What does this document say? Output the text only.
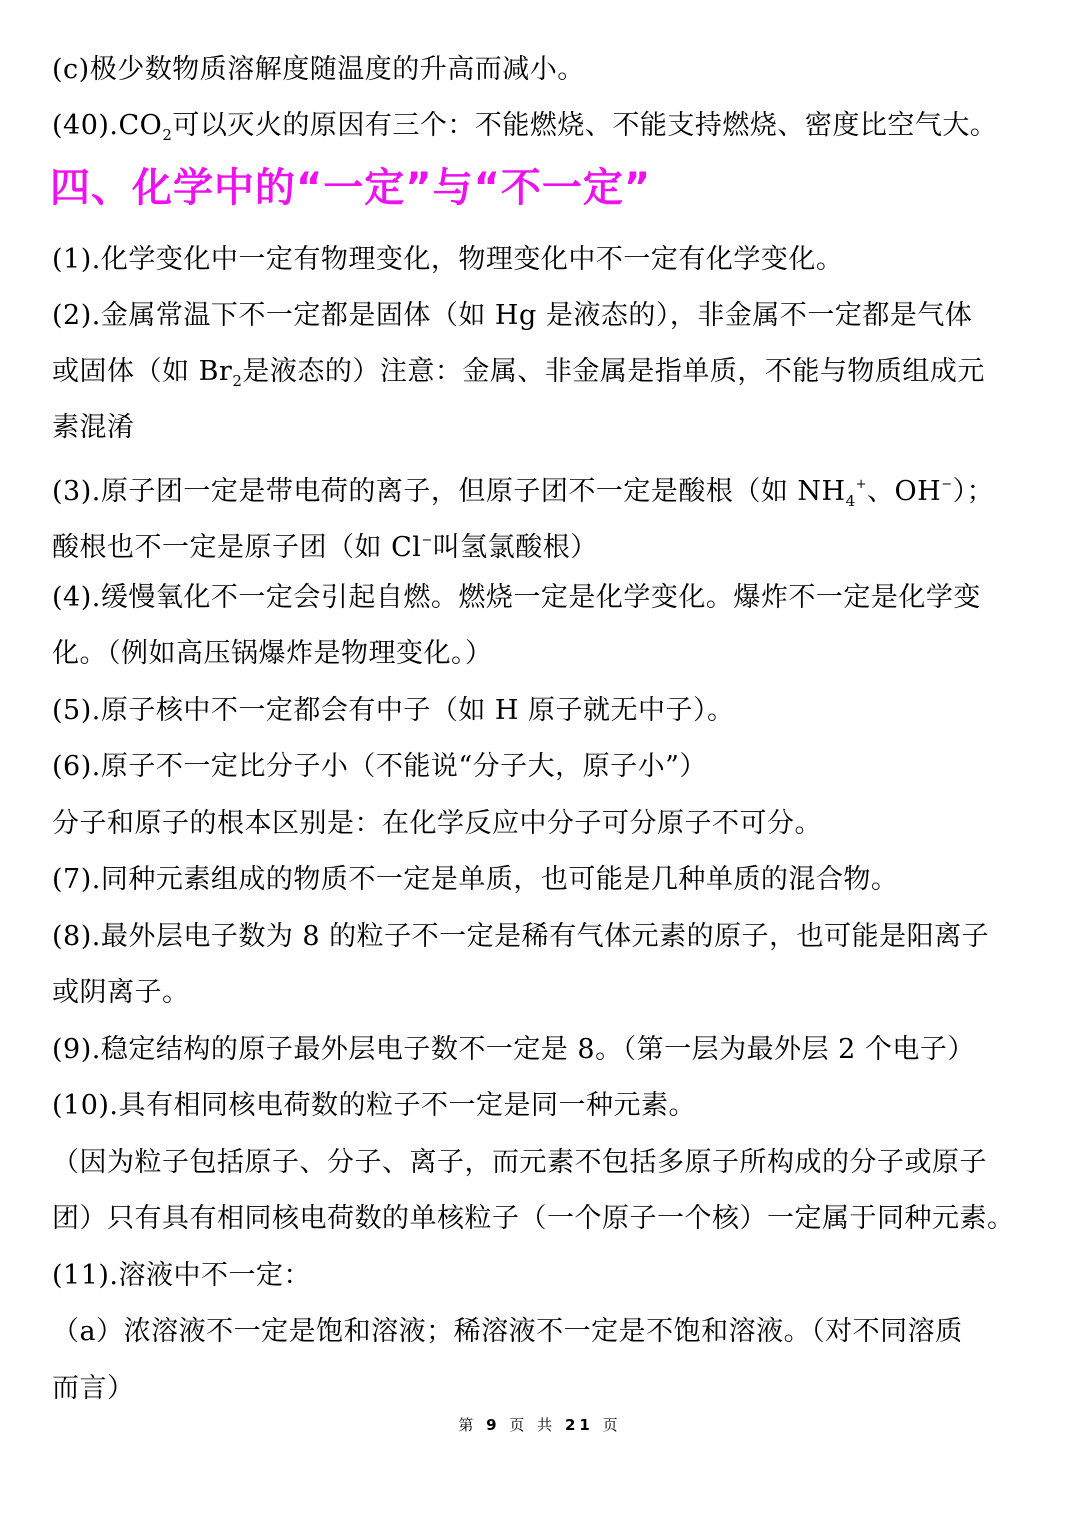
(c)极少数物质溶解度随温度的升高而减小。
$(40).CO_2$可以灭火的原因有三个：不能燃烧、不能支持燃烧、密度比空气大。
四、化学中的“一定”与“不一定”
(1).化学变化中一定有物理变化，物理变化中不一定有化学变化。
(2).金属常温下不一定都是固体（如 Hg 是液态的），非金属不一定都是气体
或固体（如 $Br_2$是液态的）注意：金属、非金属是指单质，不能与物质组成元
素混淆
(3).原子团一定是带电荷的离子，但原子团不一定是酸根（如 $NH_4^+$、OH−）；
酸根也不一定是原子团（如 Cl−叫氢氯酸根）
(4).缓慢氧化不一定会引起自燃。燃烧一定是化学变化。爆炸不一定是化学变
化。（例如高压锅爆炸是物理变化。）
(5).原子核中不一定都会有中子（如 H 原子就无中子）。
(6).原子不一定比分子小（不能说“分子大，原子小”）
分子和原子的根本区别是：在化学反应中分子可分原子不可分。
(7).同种元素组成的物质不一定是单质，也可能是几种单质的混合物。
(8).最外层电子数为 8 的粒子不一定是稀有气体元素的原子，也可能是阳离子
或阴离子。
(9).稳定结构的原子最外层电子数不一定是 8。（第一层为最外层 2 个电子）
(10).具有相同核电荷数的粒子不一定是同一种元素。
（因为粒子包括原子、分子、离子，而元素不包括多原子所构成的分子或原子
团）只有具有相同核电荷数的单核粒子（一个原子一个核）一定属于同种元素。
(11).溶液中不一定：
（a）浓溶液不一定是饱和溶液；稀溶液不一定是不饱和溶液。（对不同溶质
而言）
第 9 页 共 21 页
